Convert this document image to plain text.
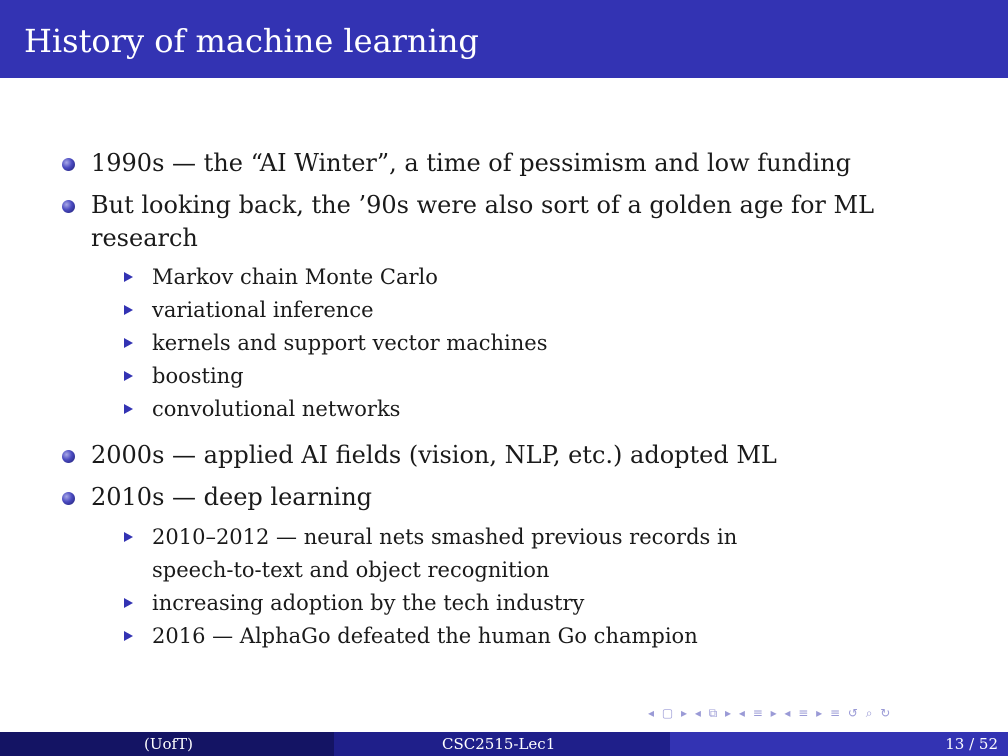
History of machine learning
1990s — the “AI Winter”, a time of pessimism and low funding
But looking back, the ’90s were also sort of a golden age for ML
research
Markov chain Monte Carlo
variational inference
kernels and support vector machines
boosting
convolutional networks
2000s — applied AI fields (vision, NLP, etc.) adopted ML
2010s — deep learning
2010–2012 — neural nets smashed previous records in
speech-to-text and object recognition
increasing adoption by the tech industry
2016 — AlphaGo defeated the human Go champion
◂ ▢ ▸ ◂ ⧉ ▸ ◂ ≡ ▸ ◂ ≡ ▸ ≡ ↺ ⌕ ↻
(UofT)	CSC2515-Lec1	13 / 52
